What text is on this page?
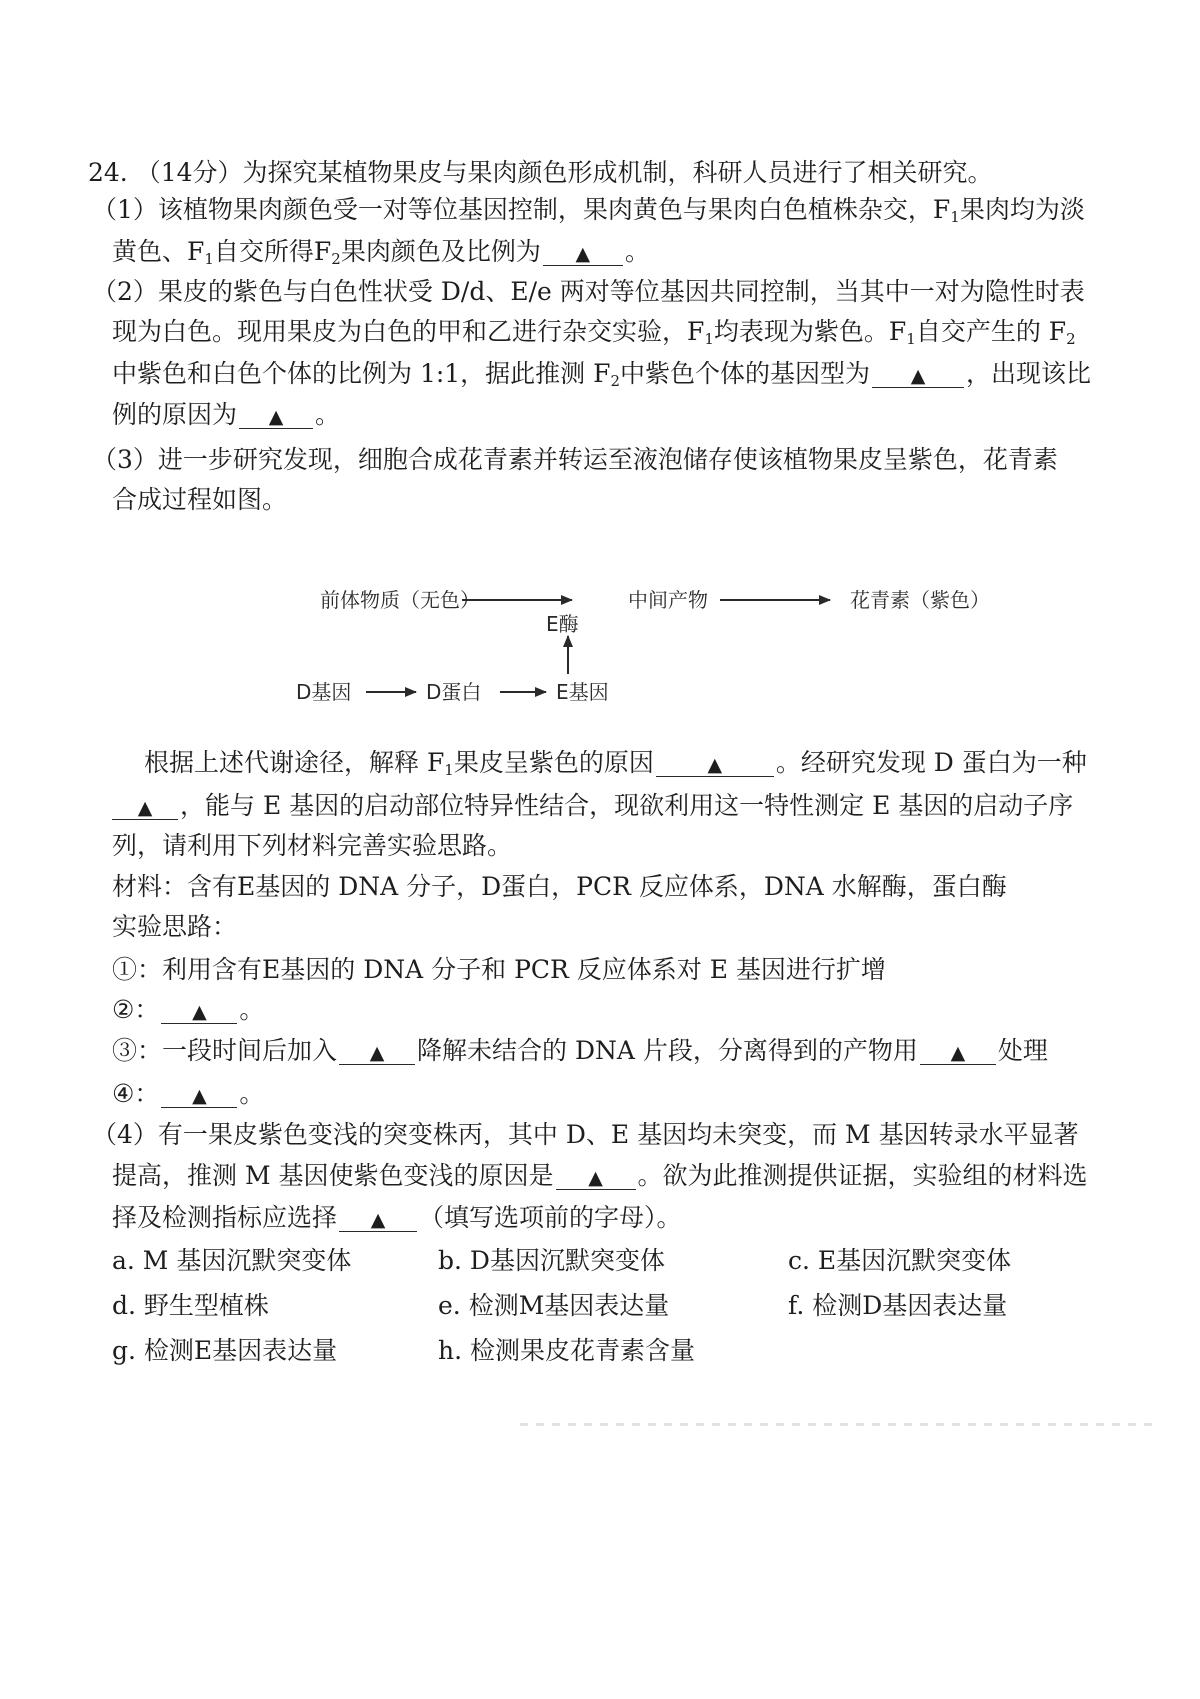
24. （14分）为探究某植物果皮与果肉颜色形成机制，科研人员进行了相关研究。
（1）该植物果肉颜色受一对等位基因控制，果肉黄色与果肉白色植株杂交，$F_1$果肉均为淡
黄色、$F_1$自交所得$F_2$果肉颜色及比例为 ▲ 。
（2）果皮的紫色与白色性状受 D/d、E/e 两对等位基因共同控制，当其中一对为隐性时表
现为白色。现用果皮为白色的甲和乙进行杂交实验，$F_1$均表现为紫色。$F_1$自交产生的 $F_2$
中紫色和白色个体的比例为 1:1，据此推测 $F_2$中紫色个体的基因型为 ▲ ，出现该比
例的原因为 ▲ 。
（3）进一步研究发现，细胞合成花青素并转运至液泡储存使该植物果皮呈紫色，花青素
合成过程如图。
前体物质（无色）	中间产物	花青素（紫色）
E酶
D基因	D蛋白	E基因
根据上述代谢途径，解释 $F_1$果皮呈紫色的原因	▲ 。经研究发现 D 蛋白为一种
▲ ，能与 E 基因的启动部位特异性结合，现欲利用这一特性测定 E 基因的启动子序
列，请利用下列材料完善实验思路。
材料：含有E基因的 DNA 分子，D蛋白，PCR 反应体系，DNA 水解酶，蛋白酶
实验思路：
①：利用含有E基因的 DNA 分子和 PCR 反应体系对 E 基因进行扩增
②： ▲ 。
③：一段时间后加入 ▲ 降解未结合的 DNA 片段，分离得到的产物用 ▲ 处理
④： ▲ 。
（4）有一果皮紫色变浅的突变株丙，其中 D、E 基因均未突变，而 M 基因转录水平显著
提高，推测 M 基因使紫色变浅的原因是 ▲ 。欲为此推测提供证据，实验组的材料选
择及检测指标应选择 ▲ （填写选项前的字母）。
a. M 基因沉默突变体	b. D基因沉默突变体	c. E基因沉默突变体
d. 野生型植株	e. 检测M基因表达量	f. 检测D基因表达量
g. 检测E基因表达量	h. 检测果皮花青素含量
